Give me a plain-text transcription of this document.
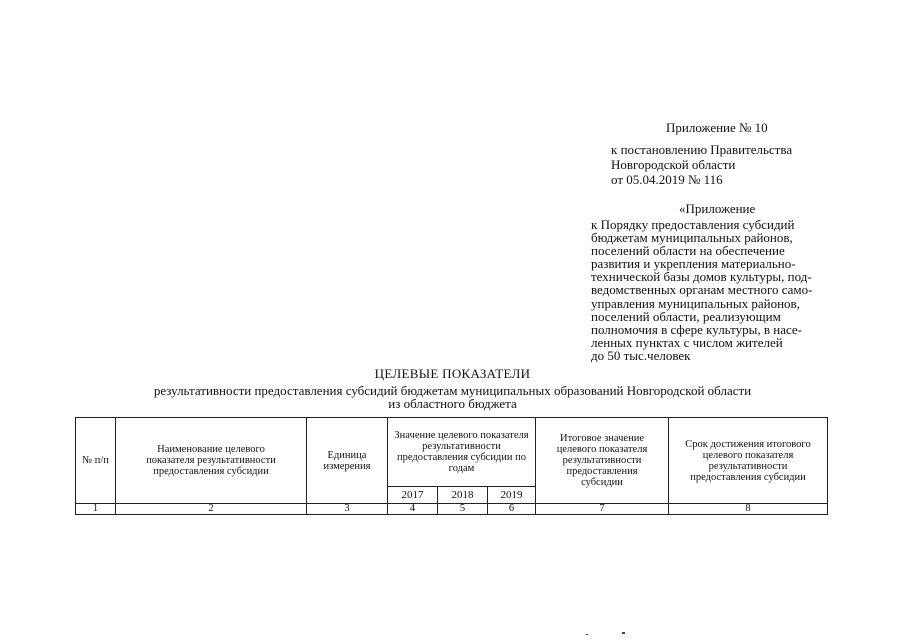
Приложение № 10
к постановлению Правительства
Новгородской области
от 05.04.2019 № 116
«Приложение
к Порядку предоставления субсидий
бюджетам муниципальных районов,
поселений области на обеспечение
развития и укрепления материально-
технической базы домов культуры, под-
ведомственных органам местного само-
управления муниципальных районов,
поселений области, реализующим
полномочия в сфере культуры, в насе-
ленных пунктах с числом жителей
до 50 тыс.человек
ЦЕЛЕВЫЕ ПОКАЗАТЕЛИ
результативности предоставления субсидий бюджетам муниципальных образований Новгородской области
из областного бюджета
№ п/п	Наименование целевого показателя результативности предоставления субсидии	Единица измерения	Значение целевого показателя результативности предоставления субсидии по годам			Итоговое значение целевого показателя результативности предоставления субсидии	Срок достижения итогового целевого показателя результативности предоставления субсидии
			2017	2018	2019		
1	2	3	4	5	6	7	8
